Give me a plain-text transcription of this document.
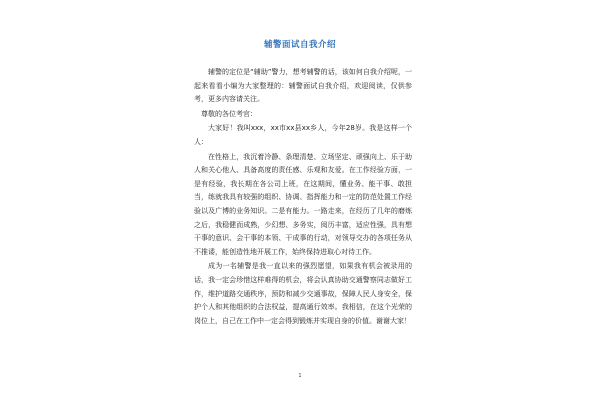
辅警面试自我介绍

辅警的定位是“辅助”警力，想考辅警的话，该如何自我介绍呢，一起来看看小编为大家整理的：辅警面试自我介绍，欢迎阅读，仅供参考，更多内容请关注。

尊敬的各位考官：

大家好！我叫xxx，xx市xx县xx乡人，今年28岁。我是这样一个人：

在性格上，我沉着冷静、条理清楚、立场坚定、顽强向上、乐于助人和关心他人、具备高度的责任感、乐观和友爱。在工作经验方面，一是有经验，我长期在各公司上班，在这期间，懂业务、能干事、敢担当，练就我具有较强的组织、协调、指挥能力和一定的防范处置工作经验以及广博的业务知识。二是有能力。一路走来，在经历了几年的磨炼之后，我稳健而成熟，少幻想、多务实，阅历丰富，适应性强，具有想干事的意识、会干事的本领、干成事的行动，对领导交办的各项任务从不推诿，能创造性地开展工作，始终保持进取心对待工作。

成为一名辅警是我一直以来的强烈愿望，如果我有机会被录用的话，我一定会珍惜这样难得的机会，将会认真协助交通警察同志做好工作，维护道路交通秩序，预防和减少交通事故，保障人民人身安全，保护个人和其他组织的合法权益，提高通行效率。我相信，在这个光荣的岗位上，自己在工作中一定会得到锻炼并实现自身的价值。谢谢大家！

1
